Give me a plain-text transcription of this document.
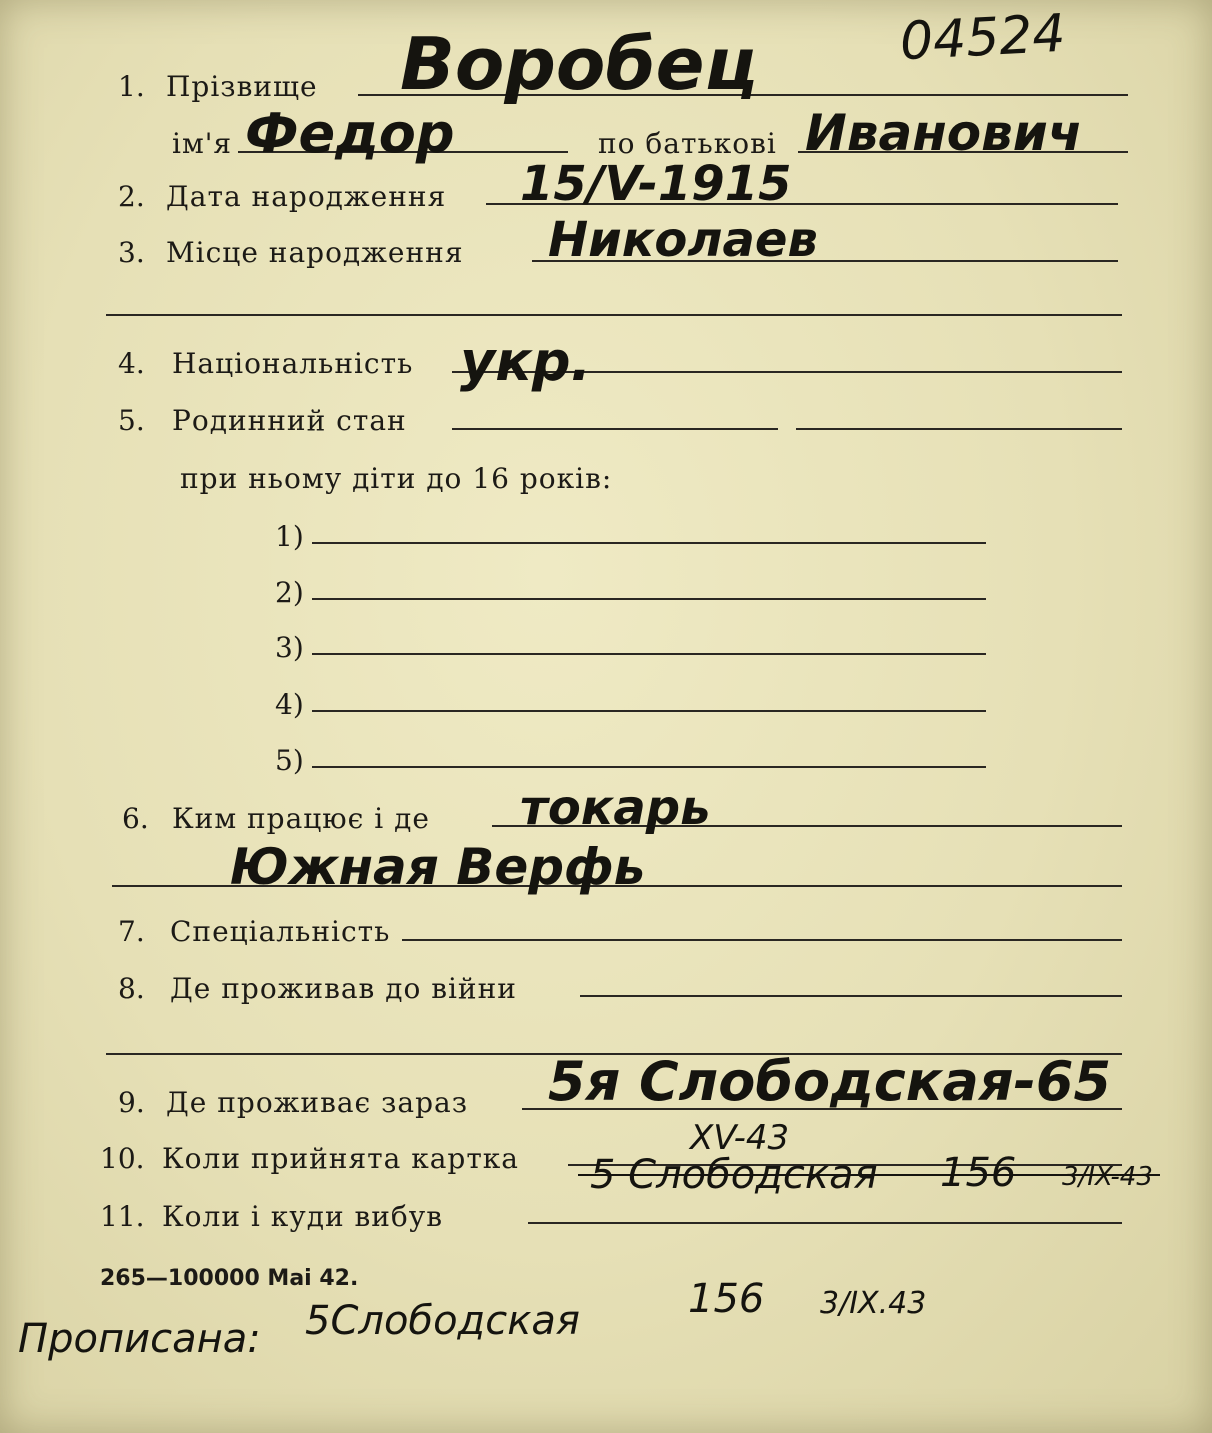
04524
1. Прізвище Воробец
ім'я Федор	по батькові Иванович
2. Дата народження 15/V-1915
3. Місце народження Николаев
4. Національність укр.
5. Родинний стан
при ньому діти до 16 років:
1)
2)
3)
4)
5)
6. Ким працює і де токарь
Южная Верфь
7. Спеціальність
8. Де проживав до війни
9. Де проживає зараз 5я Слободская-65
10. Коли прийнята картка
XV-43
5 Слободская 156 3/IX-43
11. Коли і куди вибув
265—100000 Mai 42.
Прописана: 5Слободская	156 3/IX.43
